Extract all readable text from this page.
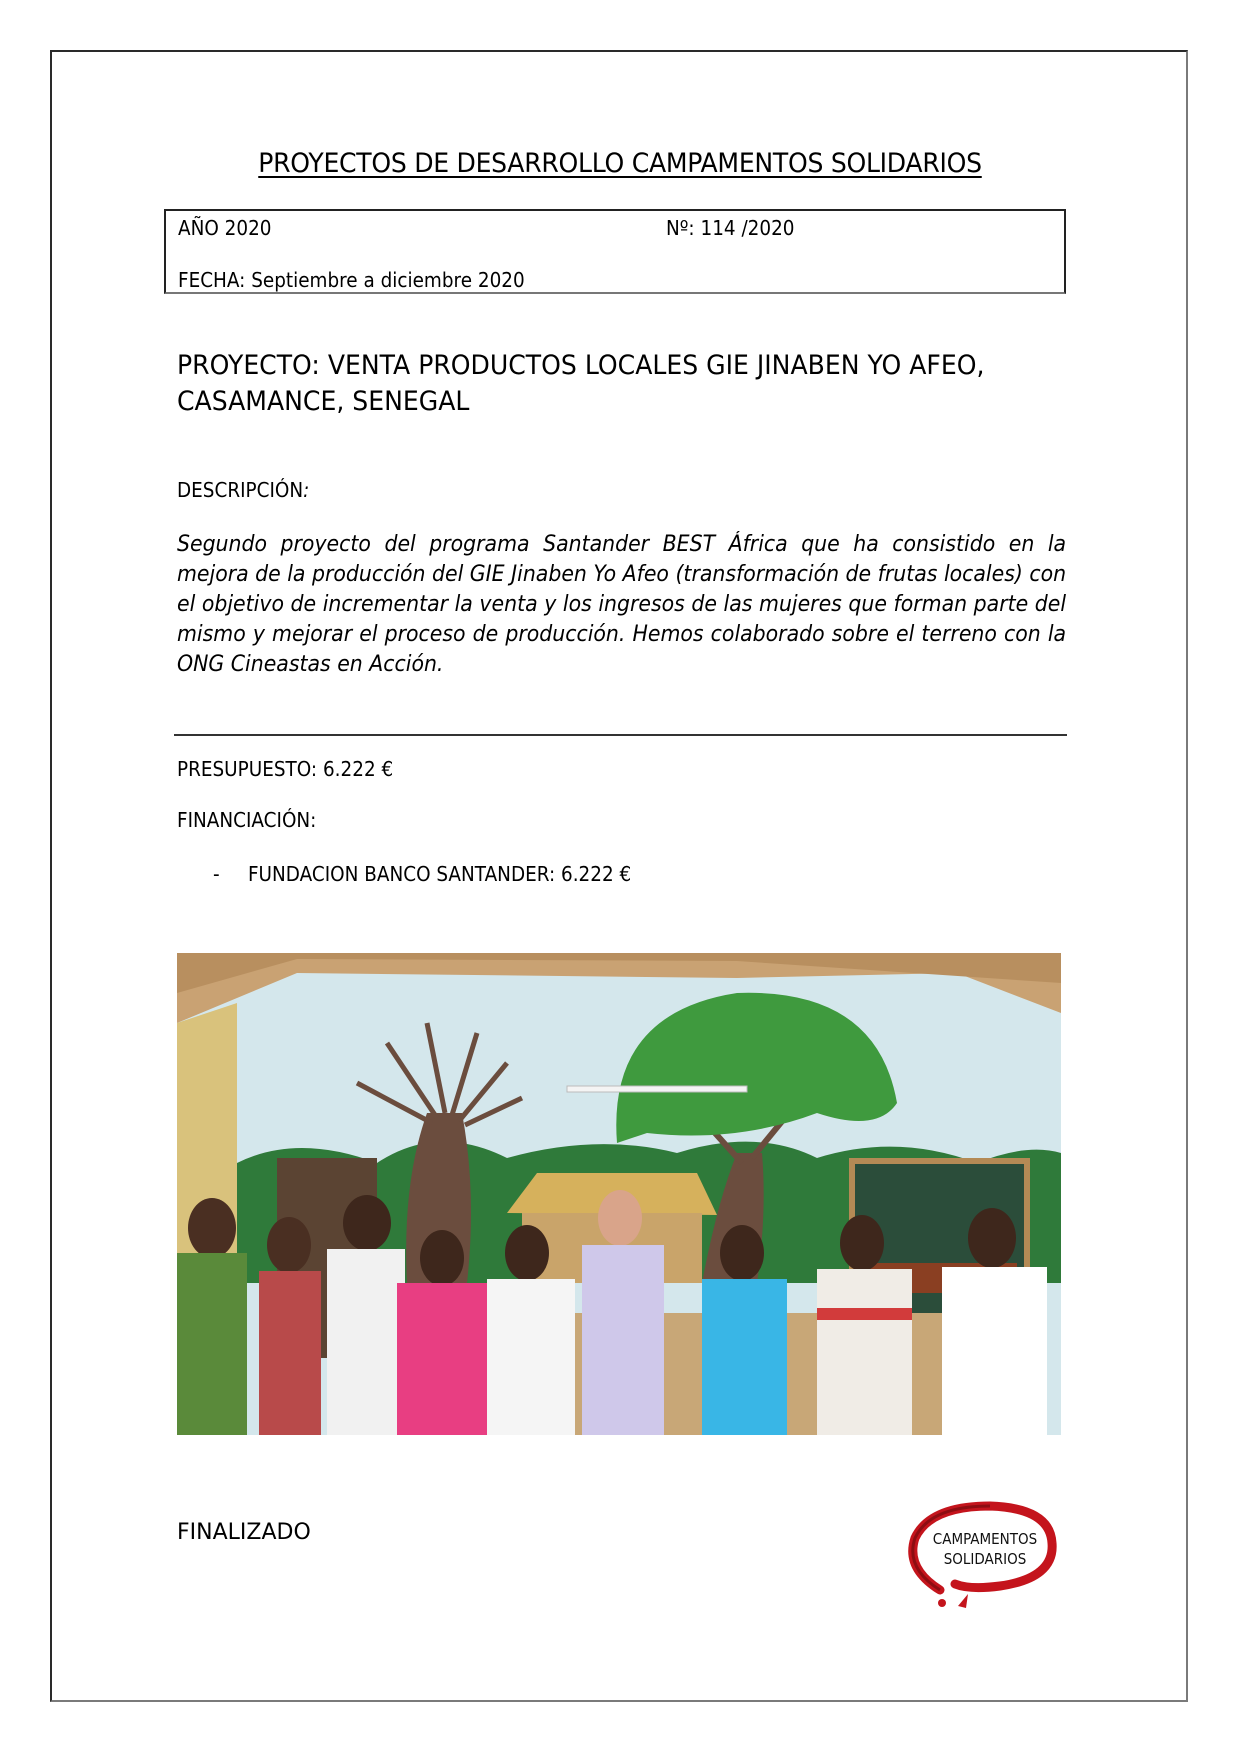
PROYECTOS DE DESARROLLO CAMPAMENTOS SOLIDARIOS
AÑO 2020	Nº: 114 /2020
FECHA: Septiembre a diciembre 2020
PROYECTO: VENTA PRODUCTOS LOCALES GIE JINABEN YO AFEO,
CASAMANCE, SENEGAL
DESCRIPCIÓN:
Segundo proyecto del programa Santander BEST África que ha consistido en la mejora de la producción del GIE Jinaben Yo Afeo (transformación de frutas locales) con el objetivo de incrementar la venta y los ingresos de las mujeres que forman parte del mismo y mejorar el proceso de producción. Hemos colaborado sobre el terreno con la ONG Cineastas en Acción.
PRESUPUESTO: 6.222 €
FINANCIACIÓN:
- FUNDACION BANCO SANTANDER: 6.222 €
FINALIZADO	CAMPAMENTOS
SOLIDARIOS
